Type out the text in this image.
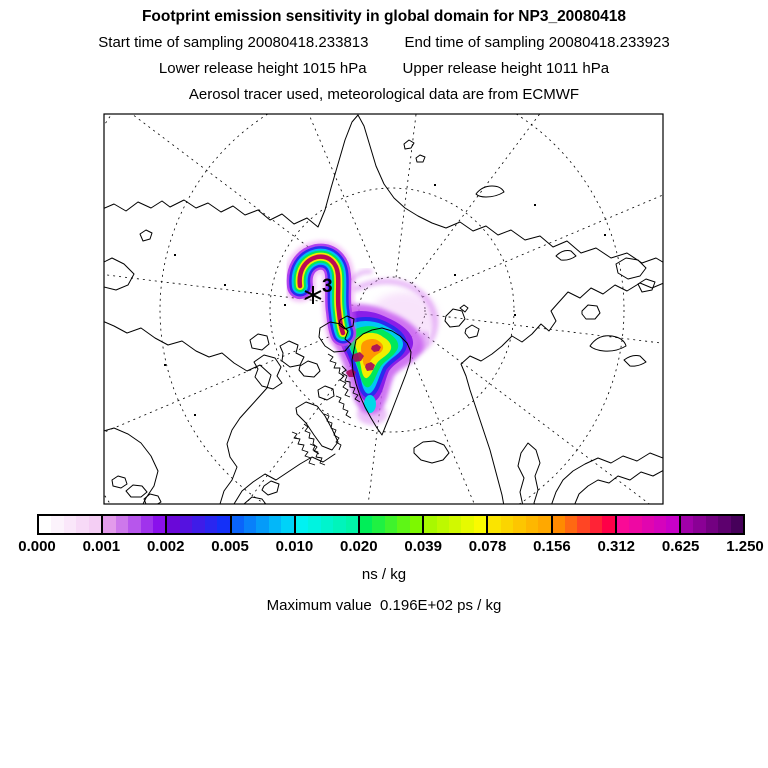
Footprint emission sensitivity in global domain for NP3_20080418
Start time of sampling 20080418.233813 End time of sampling 20080418.233923
Lower release height 1015 hPa Upper release height 1011 hPa
Aerosol tracer used, meteorological data are from ECMWF
3
0.000 0.001 0.002 0.005 0.010 0.020 0.039 0.078 0.156 0.312 0.625 1.250
ns / kg
Maximum value  0.196E+02 ps / kg
